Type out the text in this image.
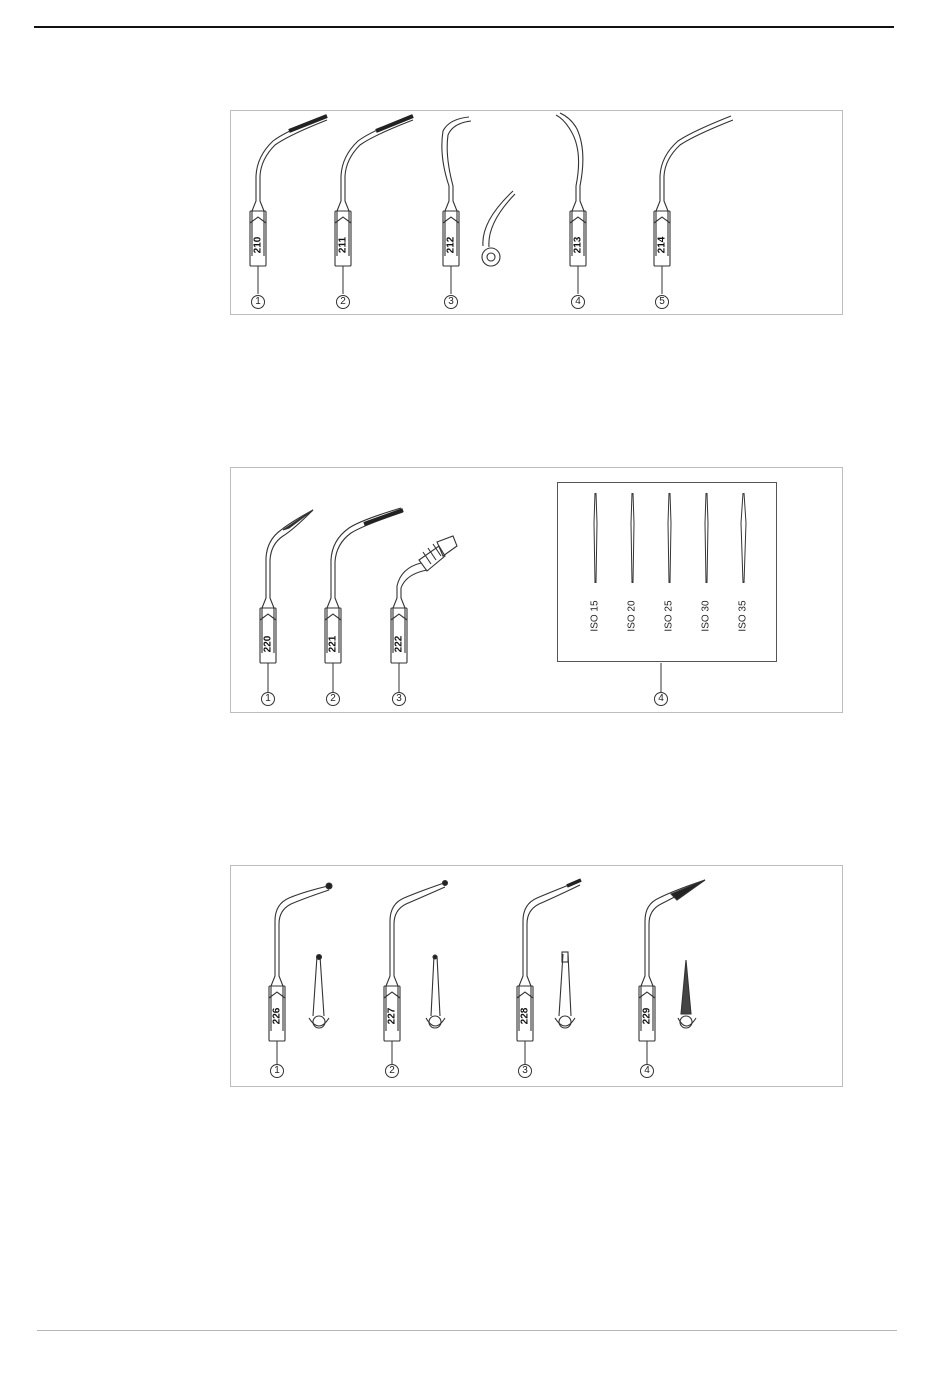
210	211	212	213	214
1	2	3	4	5
ISO 15	ISO 20	ISO 25	ISO 30	ISO 35
220	221	222
1	2	3	4
226	227	228	229
1	2	3	4
